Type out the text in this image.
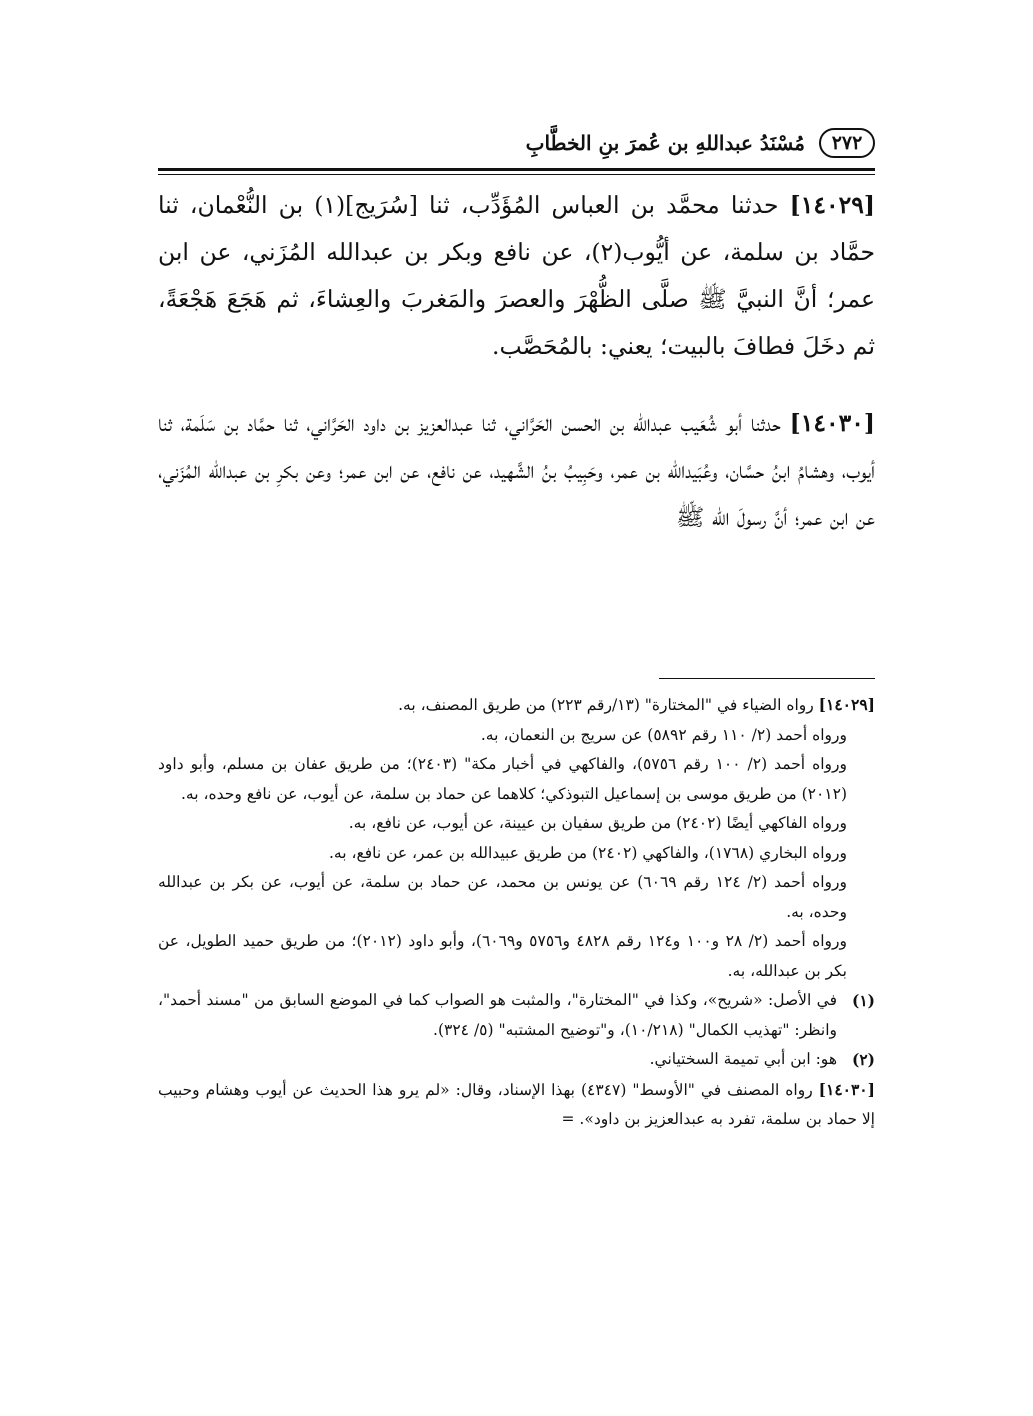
٢٧٢
مُسْنَدُ عبداللهِ بن عُمرَ بنِ الخطَّابِ

[١٤٠٢٩] حدثنا محمَّد بن العباس المُؤَدِّب، ثنا [سُرَيج](١) بن النُّعْمان، ثنا حمَّاد بن سلمة، عن أيُّوب(٢)، عن نافع وبكر بن عبدالله المُزَني، عن ابن عمر؛ أنَّ النبيَّ ﷺ صلَّى الظُّهْرَ والعصرَ والمَغربَ والعِشاءَ، ثم هَجَعَ هَجْعَةً، ثم دخَلَ فطافَ بالبيت؛ يعني: بالمُحَصَّب.

[١٤٠٣٠] حدثنا أبو شُعَيب عبدالله بن الحسن الحَرَّاني، ثنا عبدالعزيز بن داود الحَرَّاني، ثنا حمَّاد بن سَلَمة، ثنا أيوب، وهشامُ ابنُ حسَّان، وعُبَيدالله بن عمر، وحَبِيبُ بنُ الشَّهيد، عن نافع، عن ابن عمر؛ وعن بكرِ بن عبدالله المُزَني، عن ابن عمر؛ أنَّ رسولَ الله ﷺ

[١٤٠٢٩] رواه الضياء في "المختارة" (١٣/رقم ٢٢٣) من طريق المصنف، به.

ورواه أحمد (٢/ ١١٠ رقم ٥٨٩٢) عن سريج بن النعمان، به.

ورواه أحمد (٢/ ١٠٠ رقم ٥٧٥٦)، والفاكهي في أخبار مكة" (٢٤٠٣)؛ من طريق عفان بن مسلم، وأبو داود (٢٠١٢) من طريق موسى بن إسماعيل التبوذكي؛ كلاهما عن حماد بن سلمة، عن أيوب، عن نافع وحده، به.

ورواه الفاكهي أيضًا (٢٤٠٢) من طريق سفيان بن عيينة، عن أيوب، عن نافع، به.

ورواه البخاري (١٧٦٨)، والفاكهي (٢٤٠٢) من طريق عبيدالله بن عمر، عن نافع، به.

ورواه أحمد (٢/ ١٢٤ رقم ٦٠٦٩) عن يونس بن محمد، عن حماد بن سلمة، عن أيوب، عن بكر بن عبدالله وحده، به.

ورواه أحمد (٢/ ٢٨ و١٠٠ و١٢٤ رقم ٤٨٢٨ و٥٧٥٦ و٦٠٦٩)، وأبو داود (٢٠١٢)؛ من طريق حميد الطويل، عن بكر بن عبدالله، به.

(١)
في الأصل: «شريح»، وكذا في "المختارة"، والمثبت هو الصواب كما في الموضع السابق من "مسند أحمد"، وانظر: "تهذيب الكمال" (١٠/٢١٨)، و"توضيح المشتبه" (٥/ ٣٢٤).
(٢)
هو: ابن أبي تميمة السختياني.

[١٤٠٣٠] رواه المصنف في "الأوسط" (٤٣٤٧) بهذا الإسناد، وقال: «لم يرو هذا الحديث عن أيوب وهشام وحبيب إلا حماد بن سلمة، تفرد به عبدالعزيز بن داود». =
